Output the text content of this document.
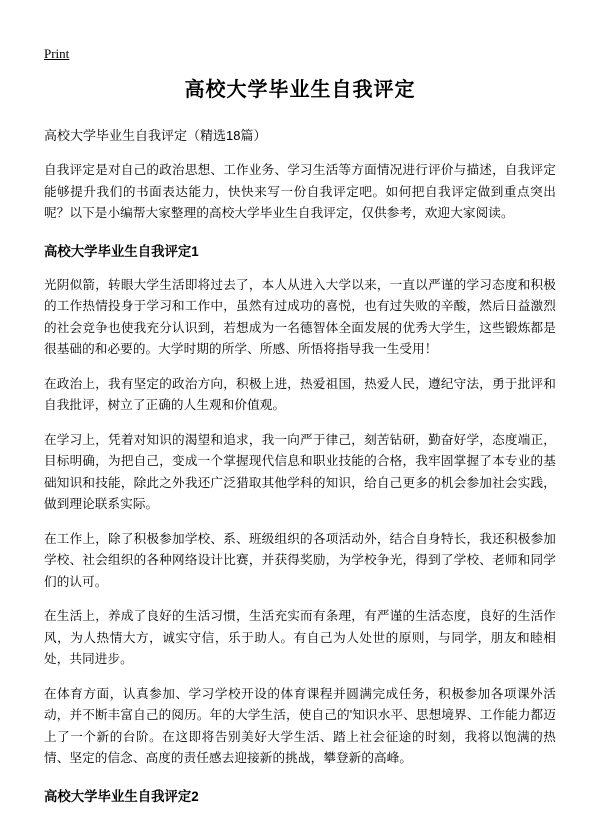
Print
高校大学毕业生自我评定

高校大学毕业生自我评定（精选18篇）

自我评定是对自己的政治思想、工作业务、学习生活等方面情况进行评价与描述，自我评定能够提升我们的书面表达能力，快快来写一份自我评定吧。如何把自我评定做到重点突出呢？以下是小编帮大家整理的高校大学毕业生自我评定，仅供参考，欢迎大家阅读。

高校大学毕业生自我评定1

光阴似箭，转眼大学生活即将过去了，本人从进入大学以来，一直以严谨的学习态度和积极的工作热情投身于学习和工作中，虽然有过成功的喜悦，也有过失败的辛酸，然后日益激烈的社会竞争也使我充分认识到，若想成为一名德智体全面发展的优秀大学生，这些锻炼都是很基础的和必要的。大学时期的所学、所感、所悟将指导我一生受用！

在政治上，我有坚定的政治方向，积极上进，热爱祖国，热爱人民，遵纪守法，勇于批评和自我批评，树立了正确的人生观和价值观。

在学习上，凭着对知识的渴望和追求，我一向严于律己，刻苦钻研，勤奋好学，态度端正，目标明确，为把自己，变成一个掌握现代信息和职业技能的合格，我牢固掌握了本专业的基础知识和技能，除此之外我还广泛猎取其他学科的知识，给自己更多的机会参加社会实践，做到理论联系实际。

在工作上，除了积极参加学校、系、班级组织的各项活动外，结合自身特长，我还积极参加学校、社会组织的各种网络设计比赛，并获得奖励，为学校争光，得到了学校、老师和同学们的认可。

在生活上，养成了良好的生活习惯，生活充实而有条理，有严谨的生活态度，良好的生活作风，为人热情大方，诚实守信，乐于助人。有自己为人处世的原则，与同学，朋友和睦相处，共同进步。

在体育方面，认真参加、学习学校开设的体育课程并圆满完成任务，积极参加各项课外活动，并不断丰富自己的阅历。年的大学生活，使自己的'知识水平、思想境界、工作能力都迈上了一个新的台阶。在这即将告别美好大学生活、踏上社会征途的时刻，我将以饱满的热情、坚定的信念、高度的责任感去迎接新的挑战，攀登新的高峰。

高校大学毕业生自我评定2
